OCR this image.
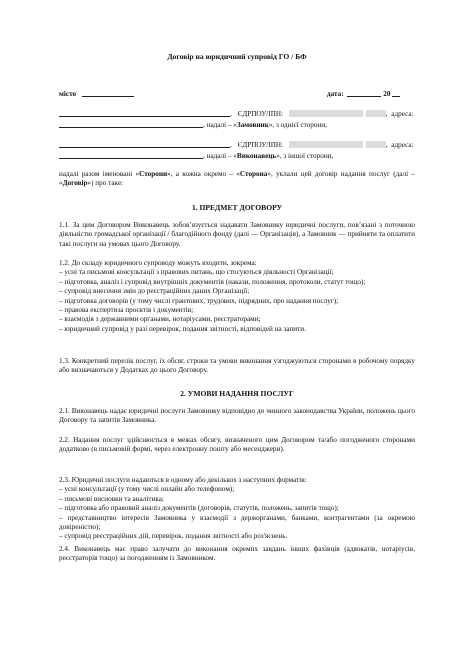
Договір на юридичний супровід ГО / БФ
місто	дата:	20
, ЄДРПОУ/ІПН:	, адреса:
, надалі – «Замовник», з однієї сторони,
, ЄДРПОУ/ІПН:	, адреса:
, надалі – «Виконавець», з іншої сторони,
надалі разом іменовані «Сторони», а кожна окремо – «Сторона», уклали цей договір надання послуг (далі – «Договір») про таке:
1. ПРЕДМЕТ ДОГОВОРУ
1.1. За цим Договором Виконавець зобов’язується надавати Замовнику юридичні послуги, пов’язані з поточною діяльністю громадської організації / благодійного фонду (далі — Організація), а Замовник — прийняти та оплатити такі послуги на умовах цього Договору.

1.2. До складу юридичного супроводу можуть входити, зокрема:

– усні та письмові консультації з правових питань, що стосуються діяльності Організації;

– підготовка, аналіз і супровід внутрішніх документів (накази, положення, протоколи, статут тощо);

– супровід внесення змін до реєстраційних даних Організації;

– підготовка договорів (у тому числі грантових, трудових, підрядних, про надання послуг);

– правова експертиза проєктів і документів;

– взаємодія з державними органами, нотаріусами, реєстраторами;

– юридичний супровід у разі перевірок, подання звітності, відповідей на запити.

1.3. Конкретний перелік послуг, їх обсяг, строки та умови виконання узгоджуються сторонами в робочому порядку або визначаються у Додатках до цього Договору.
2. УМОВИ НАДАННЯ ПОСЛУГ
2.1. Виконавець надає юридичні послуги Замовнику відповідно до чинного законодавства України, положень цього Договору та запитів Замовника.
2.2. Надання послуг здійснюється в межах обсягу, визначеного цим Договором та/або погодженого сторонами додатково (в письмовій формі, через електронну пошту або месенджери).

2.3. Юридичні послуги надаються в одному або декількох з наступних форматів:

– усні консультації (у тому числі онлайн або телефоном);

– письмові висновки та аналітика;

– підготовка або правовий аналіз документів (договорів, статутів, положень, запитів тощо);

– представництво інтересів Замовника у взаємодії з держорганами, банками, контрагентами (за окремою довіреністю);

– супровід реєстраційних дій, перевірок, подання звітності або роз'яснень.

2.4. Виконавець має право залучати до виконання окремих завдань інших фахівців (адвокатів, нотаріусів, реєстраторів тощо) за погодженням із Замовником.
